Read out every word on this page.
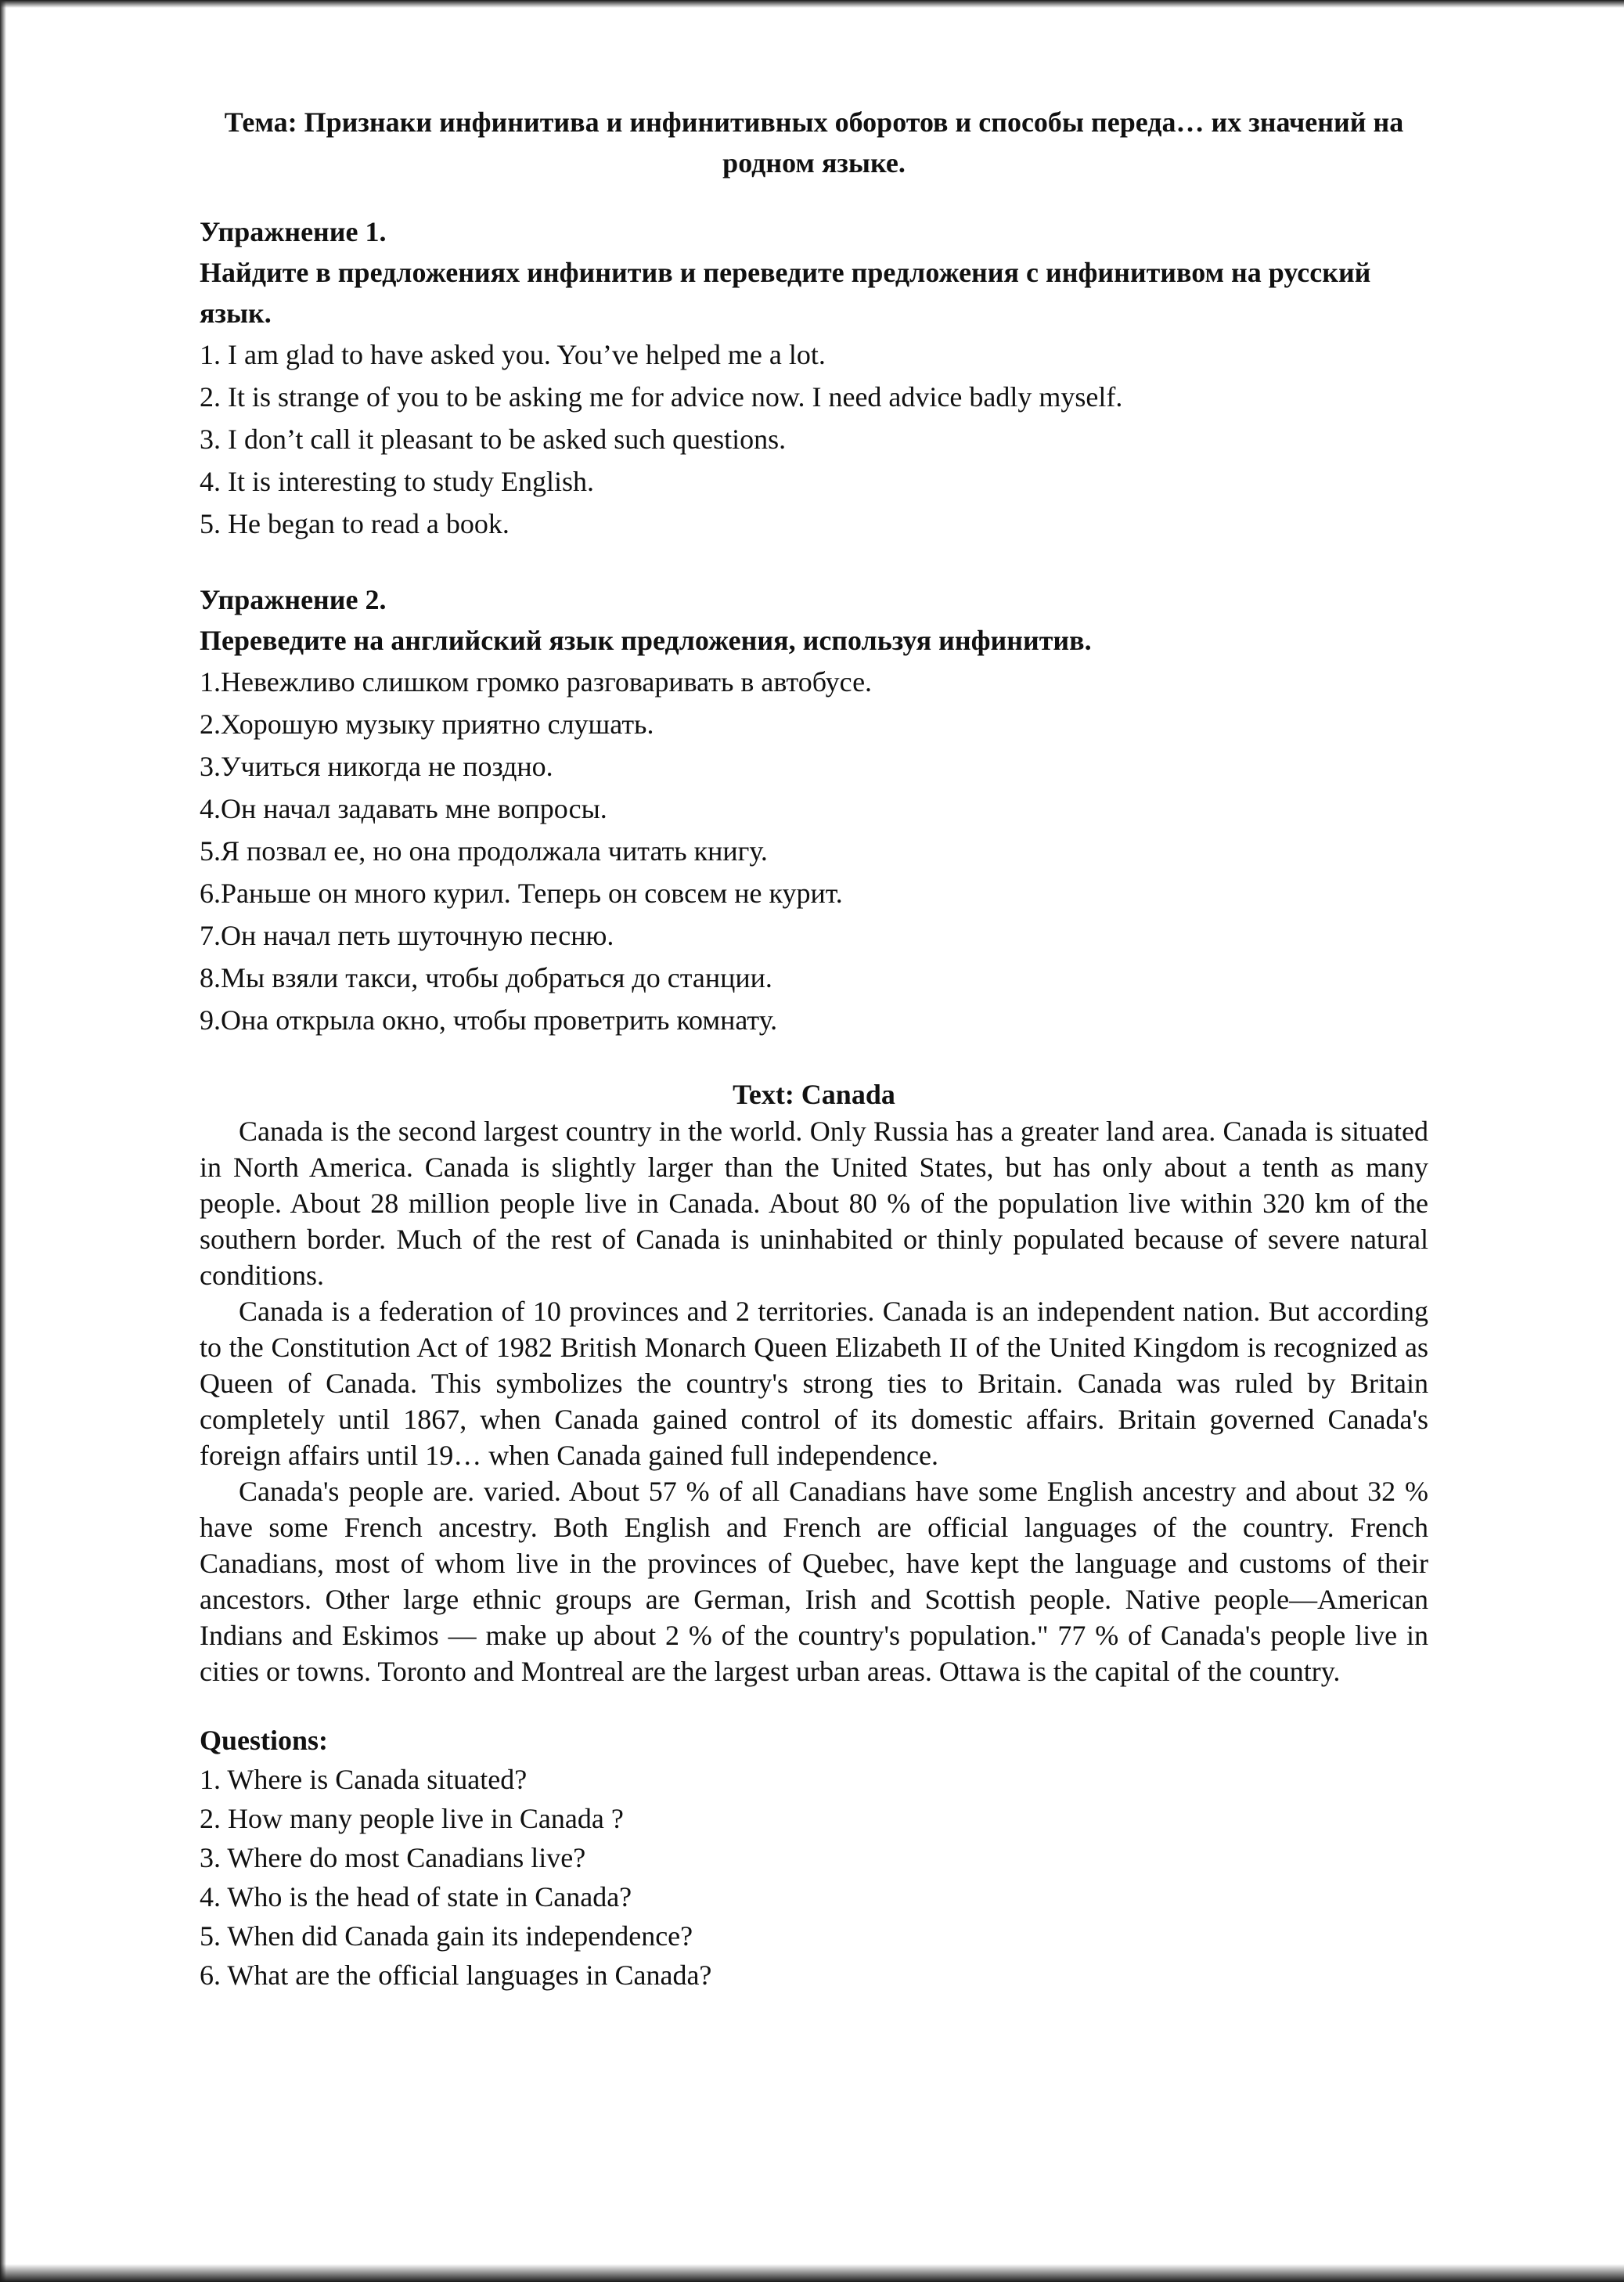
Тема: Признаки инфинитива и инфинитивных оборотов и способы переда… их значений на родном языке.

Упражнение 1.

Найдите в предложениях инфинитив и переведите предложения с инфинитивом на русский язык.

1. I am glad to have asked you. You’ve helped me a lot.
2. It is strange of you to be asking me for advice now. I need advice badly myself.
3. I don’t call it pleasant to be asked such questions.
4. It is interesting to study English.
5. He began to read a book.

Упражнение 2.

Переведите на английский язык предложения, используя инфинитив.

1.Невежливо слишком громко разговаривать в автобусе.
2.Хорошую музыку приятно слушать.
3.Учиться никогда не поздно.
4.Он начал задавать мне вопросы.
5.Я позвал ее, но она продолжала читать книгу.
6.Раньше он много курил. Теперь он совсем не курит.
7.Он начал петь шуточную песню.
8.Мы взяли такси, чтобы добраться до станции.
9.Она открыла окно, чтобы проветрить комнату.

Text: Canada

Canada is the second largest country in the world. Only Russia has a greater land area. Canada is situated in North America. Canada is slightly larger than the United States, but has only about a tenth as many people. About 28 million people live in Canada. About 80 % of the population live within 320 km of the southern border. Much of the rest of Canada is uninhabited or thinly populated because of severe natural conditions.

Canada is a federation of 10 provinces and 2 territories. Canada is an independent nation. But according to the Constitution Act of 1982 British Monarch Queen Elizabeth II of the United Kingdom is recognized as Queen of Canada. This symbolizes the country's strong ties to Britain. Canada was ruled by Britain completely until 1867, when Canada gained control of its domestic affairs. Britain governed Canada's foreign affairs until 19… when Canada gained full independence.

Canada's people are. varied. About 57 % of all Canadians have some English ancestry and about 32 % have some French ancestry. Both English and French are official languages of the country. French Canadians, most of whom live in the provinces of Quebec, have kept the language and customs of their ancestors. Other large ethnic groups are German, Irish and Scottish people. Native people—American Indians and Eskimos — make up about 2 % of the country's population." 77 % of Canada's people live in cities or towns. Toronto and Montreal are the largest urban areas. Ottawa is the capital of the country.

Questions:

1. Where is Canada situated?
2. How many people live in Canada ?
3. Where do most Canadians live?
4. Who is the head of state in Canada?
5. When did Canada gain its independence?
6. What are the official languages in Canada?
